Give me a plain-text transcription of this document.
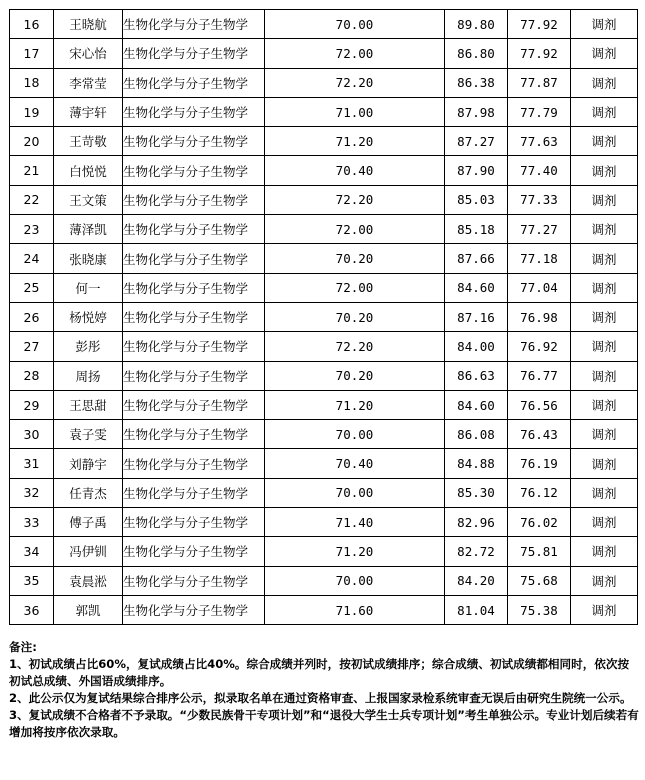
16	王晓航	生物化学与分子生物学	70.00	89.80	77.92	调剂
17	宋心怡	生物化学与分子生物学	72.00	86.80	77.92	调剂
18	李常莹	生物化学与分子生物学	72.20	86.38	77.87	调剂
19	薄宇轩	生物化学与分子生物学	71.00	87.98	77.79	调剂
20	王苛敬	生物化学与分子生物学	71.20	87.27	77.63	调剂
21	白悦悦	生物化学与分子生物学	70.40	87.90	77.40	调剂
22	王文策	生物化学与分子生物学	72.20	85.03	77.33	调剂
23	薄泽凯	生物化学与分子生物学	72.00	85.18	77.27	调剂
24	张晓康	生物化学与分子生物学	70.20	87.66	77.18	调剂
25	何一	生物化学与分子生物学	72.00	84.60	77.04	调剂
26	杨悦婷	生物化学与分子生物学	70.20	87.16	76.98	调剂
27	彭彤	生物化学与分子生物学	72.20	84.00	76.92	调剂
28	周扬	生物化学与分子生物学	70.20	86.63	76.77	调剂
29	王思甜	生物化学与分子生物学	71.20	84.60	76.56	调剂
30	袁子雯	生物化学与分子生物学	70.00	86.08	76.43	调剂
31	刘静宇	生物化学与分子生物学	70.40	84.88	76.19	调剂
32	任青杰	生物化学与分子生物学	70.00	85.30	76.12	调剂
33	傅子禹	生物化学与分子生物学	71.40	82.96	76.02	调剂
34	冯伊钏	生物化学与分子生物学	71.20	82.72	75.81	调剂
35	袁晨淞	生物化学与分子生物学	70.00	84.20	75.68	调剂
36	郭凯	生物化学与分子生物学	71.60	81.04	75.38	调剂

备注:

1、初试成绩占比60%，复试成绩占比40%。综合成绩并列时，按初试成绩排序；综合成绩、初试成绩都相同时，依次按初试总成绩、外国语成绩排序。

2、此公示仅为复试结果综合排序公示，拟录取名单在通过资格审查、上报国家录检系统审查无误后由研究生院统一公示。

3、复试成绩不合格者不予录取。“少数民族骨干专项计划”和“退役大学生士兵专项计划”考生单独公示。专业计划后续若有增加将按序依次录取。
